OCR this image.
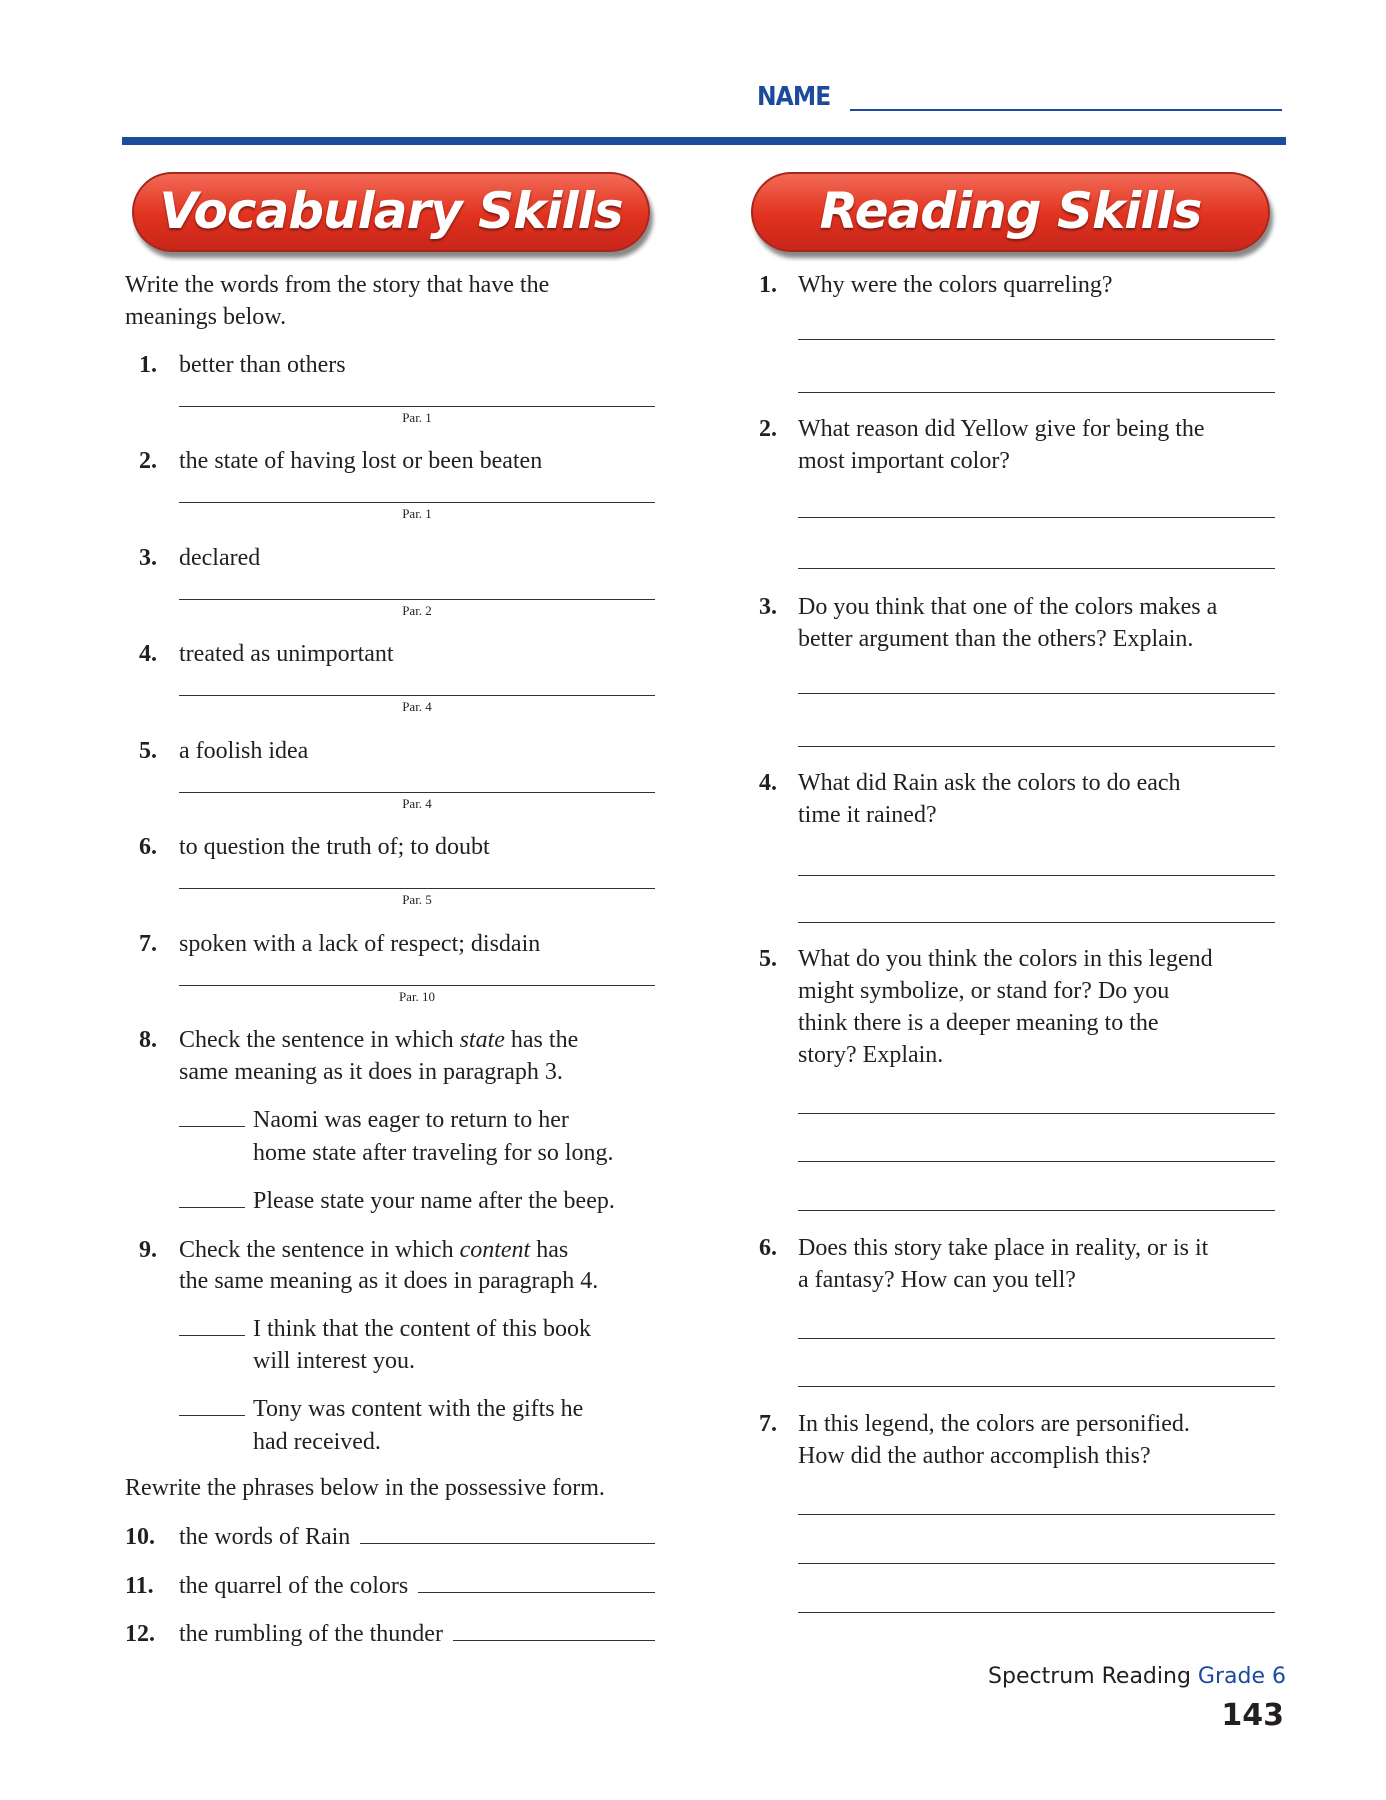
NAME
Vocabulary Skills	Reading Skills
Write the words from the story that have the
meanings below.
8. Check the sentence in which state has the
same meaning as it does in paragraph 3.
Naomi was eager to return to her
home state after traveling for so long.
Please state your name after the beep.
9. Check the sentence in which content has
the same meaning as it does in paragraph 4.
I think that the content of this book
will interest you.
Tony was content with the gifts he
had received.
Rewrite the phrases below in the possessive form.
Spectrum Reading Grade 6
143
1. better than others
Par. 1
2. the state of having lost or been beaten
Par. 1
3. declared
Par. 2
4. treated as unimportant
Par. 4
5. a foolish idea
Par. 4
6. to question the truth of; to doubt
Par. 5
7. spoken with a lack of respect; disdain
Par. 10
10. the words of Rain
11. the quarrel of the colors
12. the rumbling of the thunder
1. Why were the colors quarreling?
2. What reason did Yellow give for being the
most important color?
3. Do you think that one of the colors makes a
better argument than the others? Explain.
4. What did Rain ask the colors to do each
time it rained?
5. What do you think the colors in this legend
might symbolize, or stand for? Do you
think there is a deeper meaning to the
story? Explain.
6. Does this story take place in reality, or is it
a fantasy? How can you tell?
7. In this legend, the colors are personified.
How did the author accomplish this?
